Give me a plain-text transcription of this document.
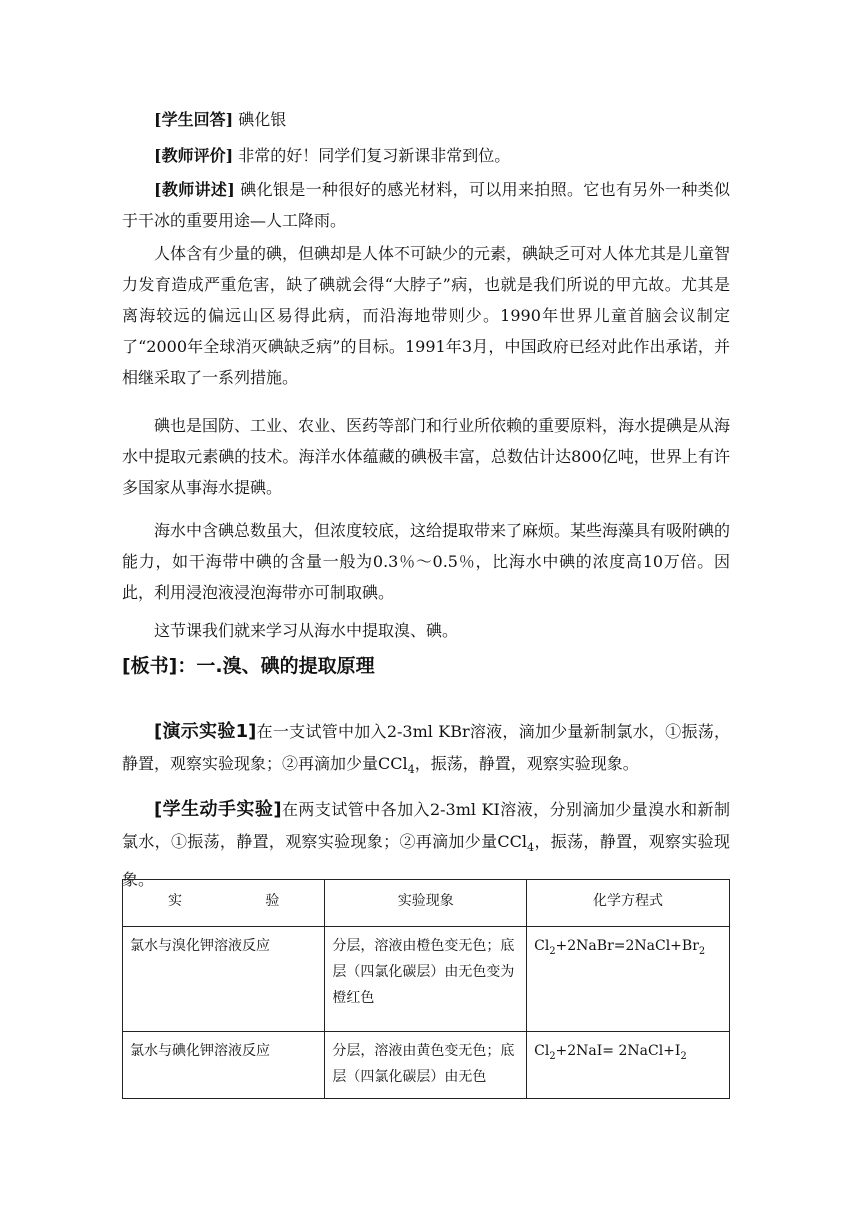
[学生回答] 碘化银

[教师评价] 非常的好！同学们复习新课非常到位。

[教师讲述] 碘化银是一种很好的感光材料，可以用来拍照。它也有另外一种类似于干冰的重要用途—人工降雨。

人体含有少量的碘，但碘却是人体不可缺少的元素，碘缺乏可对人体尤其是儿童智力发育造成严重危害，缺了碘就会得“大脖子”病，也就是我们所说的甲亢故。尤其是离海较远的偏远山区易得此病，而沿海地带则少。1990年世界儿童首脑会议制定了“2000年全球消灭碘缺乏病”的目标。1991年3月，中国政府已经对此作出承诺，并相继采取了一系列措施。

碘也是国防、工业、农业、医药等部门和行业所依赖的重要原料，海水提碘是从海水中提取元素碘的技术。海洋水体蕴藏的碘极丰富，总数估计达800亿吨，世界上有许多国家从事海水提碘。

海水中含碘总数虽大，但浓度较底，这给提取带来了麻烦。某些海藻具有吸附碘的能力，如干海带中碘的含量一般为0.3％～0.5％，比海水中碘的浓度高10万倍。因此，利用浸泡液浸泡海带亦可制取碘。

这节课我们就来学习从海水中提取溴、碘。

[板书]：一.溴、碘的提取原理

[演示实验1]在一支试管中加入2-3ml KBr溶液，滴加少量新制氯水，①振荡，静置，观察实验现象；②再滴加少量CCl$_4$，振荡，静置，观察实验现象。

[学生动手实验]在两支试管中各加入2-3ml KI溶液，分别滴加少量溴水和新制氯水，①振荡，静置，观察实验现象；②再滴加少量CCl$_4$，振荡，静置，观察实验现象。

实 验	实验现象	化学方程式
氯水与溴化钾溶液反应	分层，溶液由橙色变无色；底层（四氯化碳层）由无色变为橙红色	$Cl_2+2NaBr=2NaCl+Br_2$
氯水与碘化钾溶液反应	分层，溶液由黄色变无色；底层（四氯化碳层）由无色	$Cl_2+2NaI=$ $2NaCl+I_2$
